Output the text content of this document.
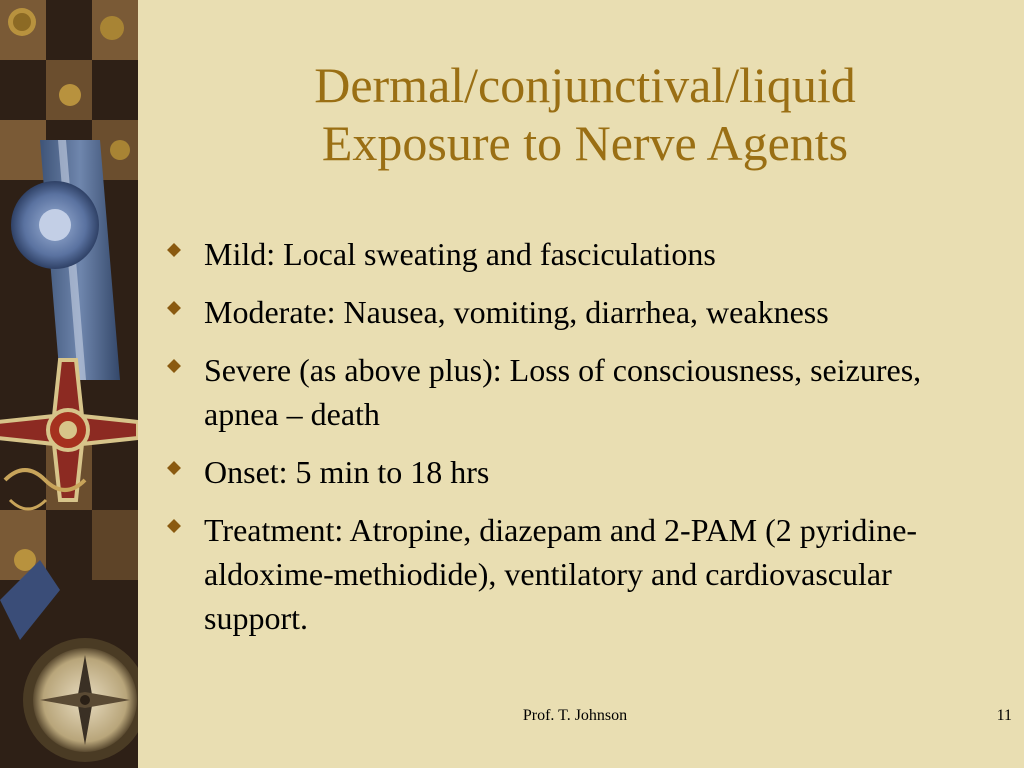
Dermal/conjunctival/liquid
Exposure to Nerve Agents
Mild: Local sweating and fasciculations
Moderate: Nausea, vomiting, diarrhea, weakness
Severe (as above plus): Loss of consciousness, seizures, apnea – death
Onset: 5 min to 18 hrs
Treatment: Atropine, diazepam and 2-PAM (2 pyridine-aldoxime-methiodide), ventilatory and cardiovascular support.
Prof. T. Johnson	11
